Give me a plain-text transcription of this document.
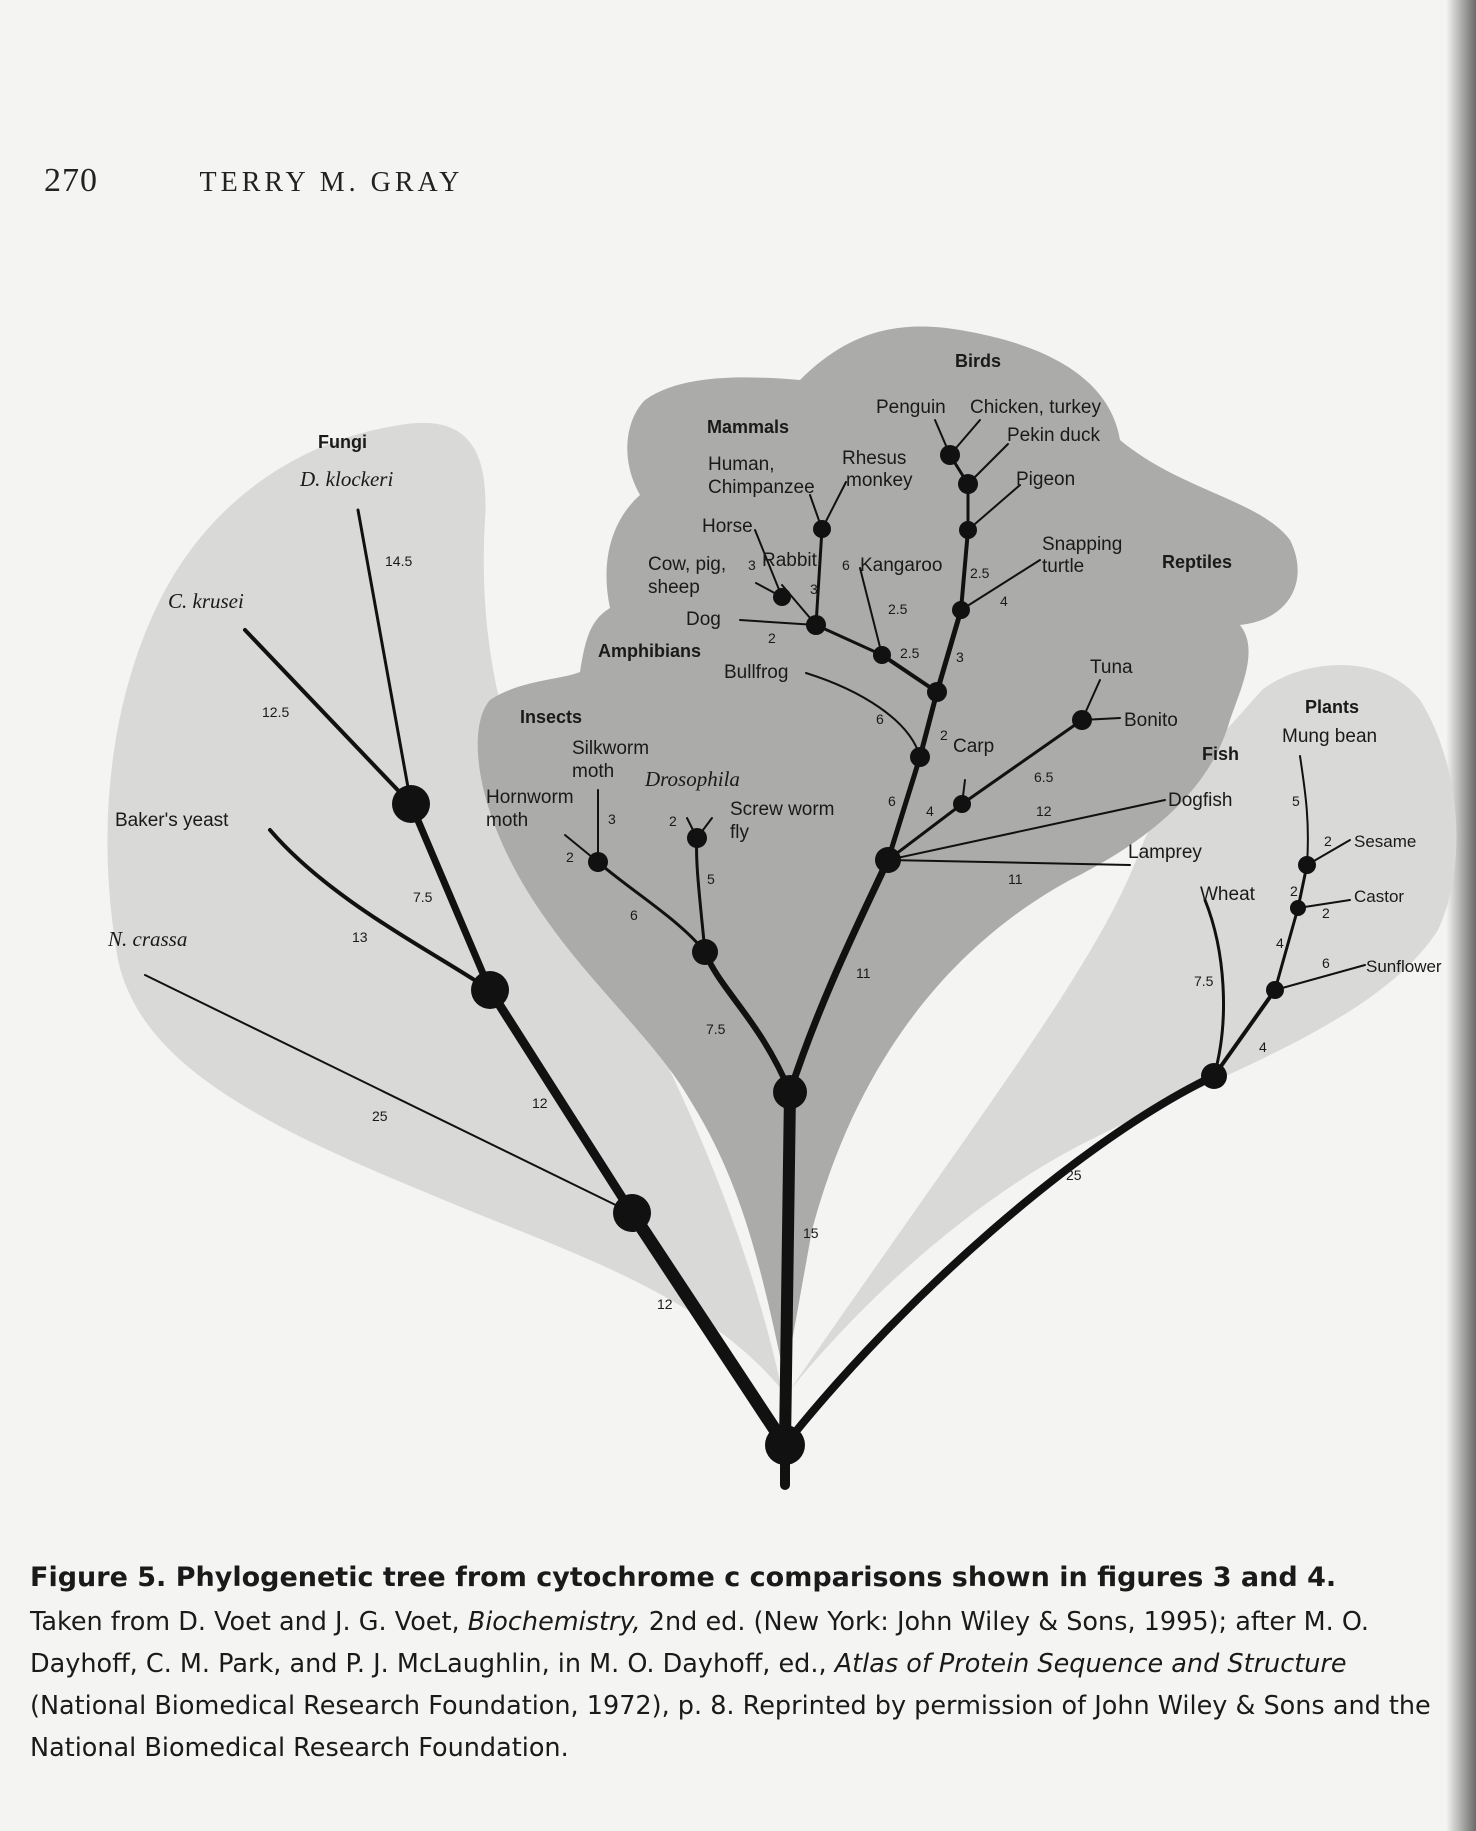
270	TERRY M. GRAY
Fungi
Mammals
Birds
Reptiles
Amphibians
Insects
Fish
Plants
D. klockeri
C. krusei
Baker's yeast
N. crassa
Human,
Chimpanzee
Rhesus
monkey
Horse
Cow, pig,
sheep
Rabbit Kangaroo
Dog
Penguin Chicken, turkey
Pekin duck
Pigeon
Snapping
turtle
Bullfrog
Silkworm
moth Drosophila
Hornworm
moth
Screw worm
fly
Tuna
Bonito
Carp
Dogfish
Lamprey
Mung bean
Sesame
Castor
Sunflower
Wheat
14.5
12.5
7.5
13
12
25
12
15
7.5
2
3
6
2
5
11
6
6
2
4
6.5
12
11
3
3
6
2
2.5
2.5	3
2.5
4
25
7.5
4
6
4
2
2
2
5

Figure 5. Phylogenetic tree from cytochrome c comparisons shown in figures 3 and 4.

Taken from D. Voet and J. G. Voet, Biochemistry, 2nd ed. (New York: John Wiley & Sons, 1995); after M. O. Dayhoff, C. M. Park, and P. J. McLaughlin, in M. O. Dayhoff, ed., Atlas of Protein Sequence and Structure (National Biomedical Research Foundation, 1972), p. 8. Reprinted by permission of John Wiley & Sons and the National Biomedical Research Foundation.
